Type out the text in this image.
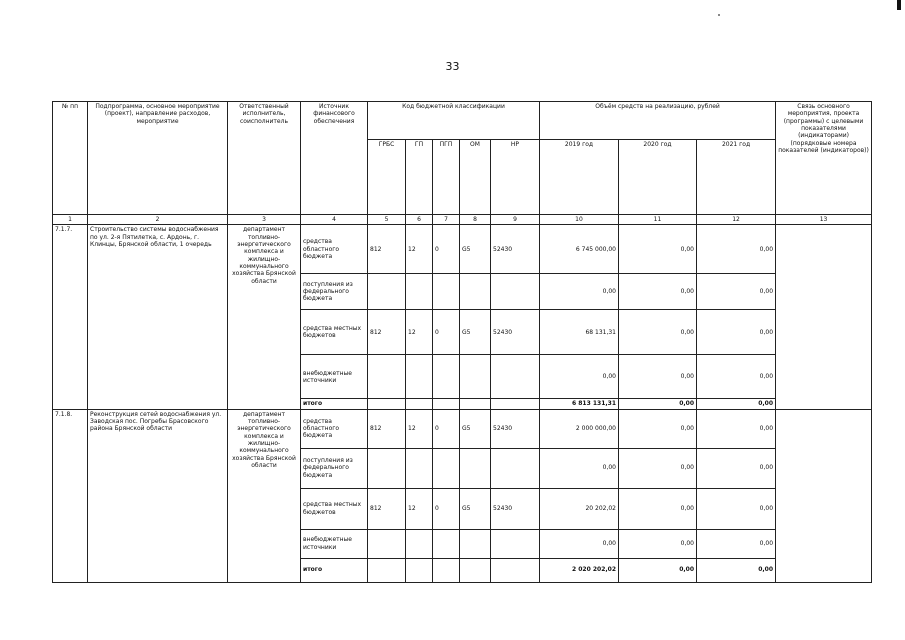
33
№ пп	Подпрограмма, основное мероприятие (проект), направление расходов, мероприятие	Ответственный исполнитель, соисполнитель	Источник финансового обеспечения	Код бюджетной классификации					Объём средств на реализацию, рублей			Связь основного мероприятия, проекта (программы) с целевыми показателями (индикаторами) (порядковые номера показателей (индикаторов))
				ГРБС	ГП	ПГП	ОМ	НР	2019 год	2020 год	2021 год	
1	2	3	4	5	6	7	8	9	10	11	12	13
7.1.7.	Строительство системы водоснабжения по ул. 2-я Пятилетка, с. Ардонь, г. Клинцы, Брянской области, 1 очередь	департамент топливно-энергетического комплекса и жилищно-коммунального хозяйства Брянской области	средства областного бюджета	812	12	0	G5	52430	6 745 000,00	0,00	0,00	
			поступления из федерального бюджета						0,00	0,00	0,00	
			средства местных бюджетов	812	12	0	G5	52430	68 131,31	0,00	0,00	
			внебюджетные источники						0,00	0,00	0,00	
			итого						6 813 131,31	0,00	0,00	
7.1.8.	Реконструкция сетей водоснабжения ул. Заводская пос. Погребы Брасовского района Брянской области	департамент топливно-энергетического комплекса и жилищно-коммунального хозяйства Брянской области	средства областного бюджета	812	12	0	G5	52430	2 000 000,00	0,00	0,00	
			поступления из федерального бюджета						0,00	0,00	0,00	
			средства местных бюджетов	812	12	0	G5	52430	20 202,02	0,00	0,00	
			внебюджетные источники						0,00	0,00	0,00	
			итого						2 020 202,02	0,00	0,00	
